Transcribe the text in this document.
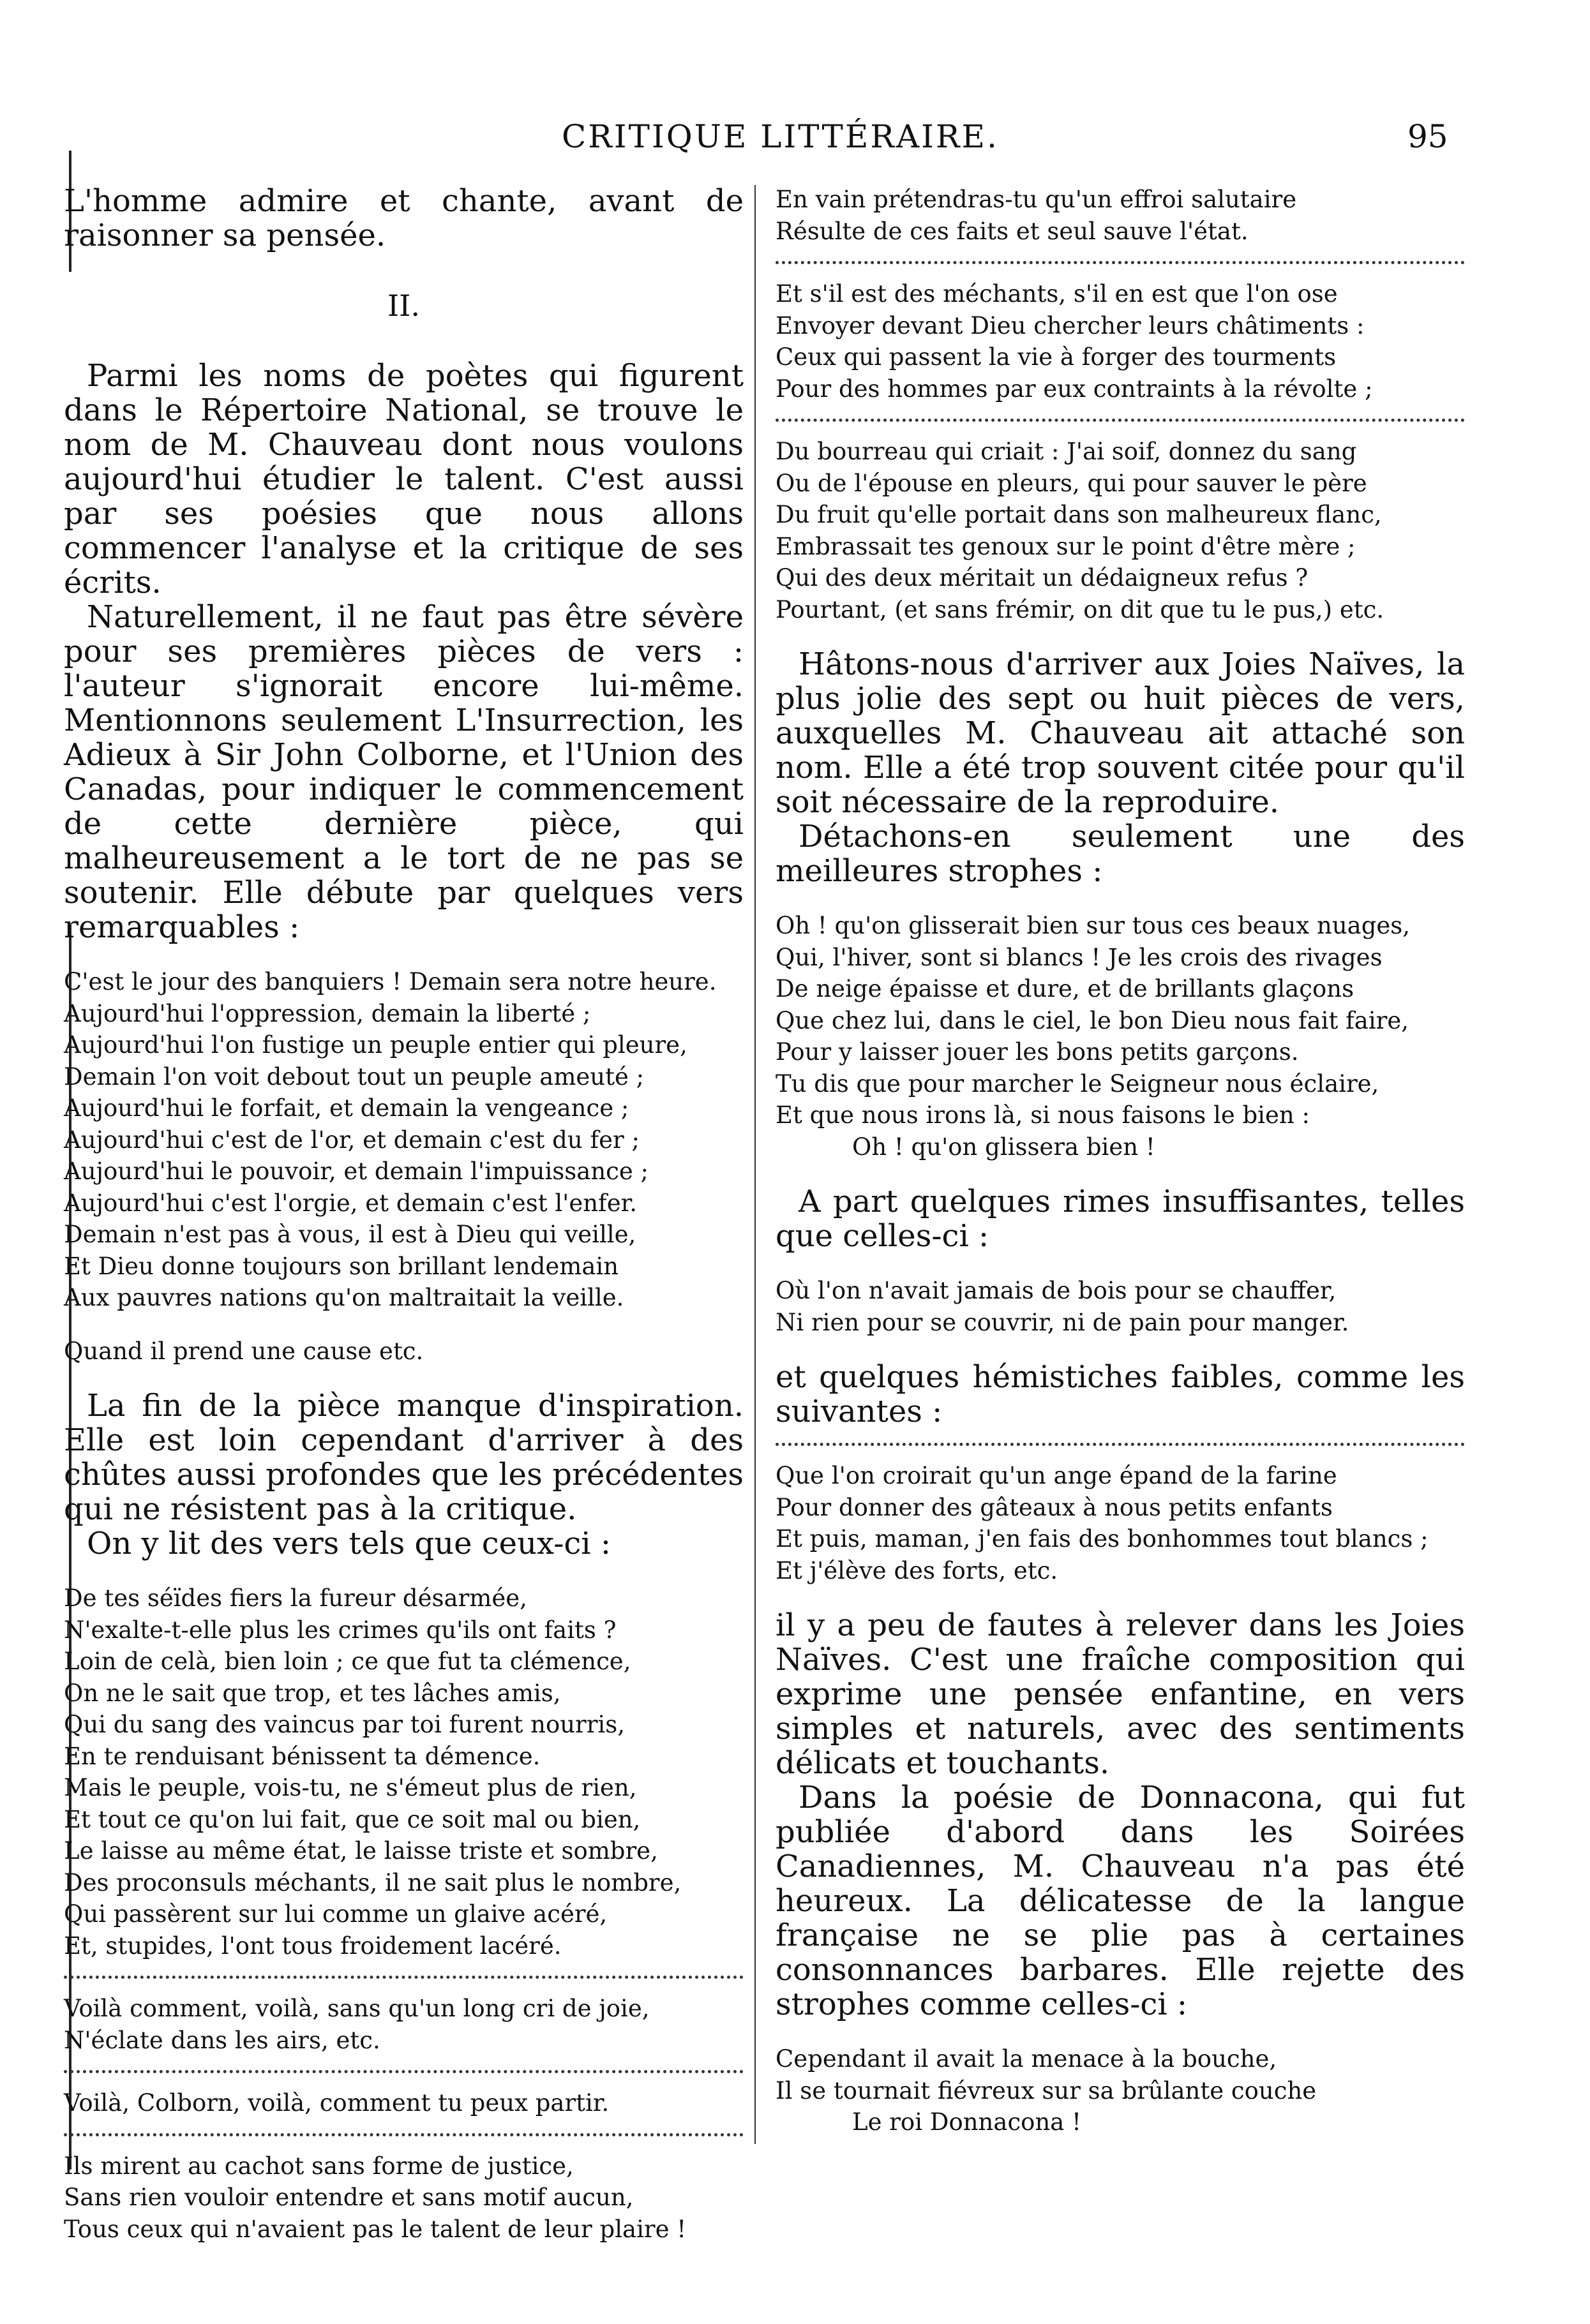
CRITIQUE LITTÉRAIRE.	95

L'homme admire et chante, avant de raisonner sa pensée.

II.

Parmi les noms de poètes qui figurent dans le Répertoire National, se trouve le nom de M. Chauveau dont nous voulons aujourd'hui étudier le talent. C'est aussi par ses poésies que nous allons commencer l'analyse et la critique de ses écrits.

Naturellement, il ne faut pas être sévère pour ses premières pièces de vers : l'auteur s'ignorait encore lui-même. Mentionnons seulement L'Insurrection, les Adieux à Sir John Colborne, et l'Union des Canadas, pour indiquer le commencement de cette dernière pièce, qui malheureusement a le tort de ne pas se soutenir. Elle débute par quelques vers remarquables :

C'est le jour des banquiers ! Demain sera notre heure.
Aujourd'hui l'oppression, demain la liberté ;
Aujourd'hui l'on fustige un peuple entier qui pleure,
Demain l'on voit debout tout un peuple ameuté ;
Aujourd'hui le forfait, et demain la vengeance ;
Aujourd'hui c'est de l'or, et demain c'est du fer ;
Aujourd'hui le pouvoir, et demain l'impuissance ;
Aujourd'hui c'est l'orgie, et demain c'est l'enfer.
Demain n'est pas à vous, il est à Dieu qui veille,
Et Dieu donne toujours son brillant lendemain
Aux pauvres nations qu'on maltraitait la veille.
Quand il prend une cause etc.

La fin de la pièce manque d'inspiration. Elle est loin cependant d'arriver à des chûtes aussi profondes que les précédentes qui ne résistent pas à la critique.

On y lit des vers tels que ceux-ci :

De tes séïdes fiers la fureur désarmée,
N'exalte-t-elle plus les crimes qu'ils ont faits ?
Loin de celà, bien loin ; ce que fut ta clémence,
On ne le sait que trop, et tes lâches amis,
Qui du sang des vaincus par toi furent nourris,
En te renduisant bénissent ta démence.
Mais le peuple, vois-tu, ne s'émeut plus de rien,
Et tout ce qu'on lui fait, que ce soit mal ou bien,
Le laisse au même état, le laisse triste et sombre,
Des proconsuls méchants, il ne sait plus le nombre,
Qui passèrent sur lui comme un glaive acéré,
Et, stupides, l'ont tous froidement lacéré.
Voilà comment, voilà, sans qu'un long cri de joie,
N'éclate dans les airs, etc.
Voilà, Colborn, voilà, comment tu peux partir.
Ils mirent au cachot sans forme de justice,
Sans rien vouloir entendre et sans motif aucun,
Tous ceux qui n'avaient pas le talent de leur plaire !
En vain prétendras-tu qu'un effroi salutaire
Résulte de ces faits et seul sauve l'état.
Et s'il est des méchants, s'il en est que l'on ose
Envoyer devant Dieu chercher leurs châtiments :
Ceux qui passent la vie à forger des tourments
Pour des hommes par eux contraints à la révolte ;
Du bourreau qui criait : J'ai soif, donnez du sang
Ou de l'épouse en pleurs, qui pour sauver le père
Du fruit qu'elle portait dans son malheureux flanc,
Embrassait tes genoux sur le point d'être mère ;
Qui des deux méritait un dédaigneux refus ?
Pourtant, (et sans frémir, on dit que tu le pus,) etc.

Hâtons-nous d'arriver aux Joies Naïves, la plus jolie des sept ou huit pièces de vers, auxquelles M. Chauveau ait attaché son nom. Elle a été trop souvent citée pour qu'il soit nécessaire de la reproduire.

Détachons-en seulement une des meilleures strophes :

Oh ! qu'on glisserait bien sur tous ces beaux nuages,
Qui, l'hiver, sont si blancs ! Je les crois des rivages
De neige épaisse et dure, et de brillants glaçons
Que chez lui, dans le ciel, le bon Dieu nous fait faire,
Pour y laisser jouer les bons petits garçons.
Tu dis que pour marcher le Seigneur nous éclaire,
Et que nous irons là, si nous faisons le bien :
Oh ! qu'on glissera bien !

A part quelques rimes insuffisantes, telles que celles-ci :

Où l'on n'avait jamais de bois pour se chauffer,
Ni rien pour se couvrir, ni de pain pour manger.

et quelques hémistiches faibles, comme les suivantes :

Que l'on croirait qu'un ange épand de la farine
Pour donner des gâteaux à nous petits enfants
Et puis, maman, j'en fais des bonhommes tout blancs ;
Et j'élève des forts, etc.

il y a peu de fautes à relever dans les Joies Naïves. C'est une fraîche composition qui exprime une pensée enfantine, en vers simples et naturels, avec des sentiments délicats et touchants.

Dans la poésie de Donnacona, qui fut publiée d'abord dans les Soirées Canadiennes, M. Chauveau n'a pas été heureux. La délicatesse de la langue française ne se plie pas à certaines consonnances barbares. Elle rejette des strophes comme celles-ci :

Cependant il avait la menace à la bouche,
Il se tournait fiévreux sur sa brûlante couche
Le roi Donnacona !
